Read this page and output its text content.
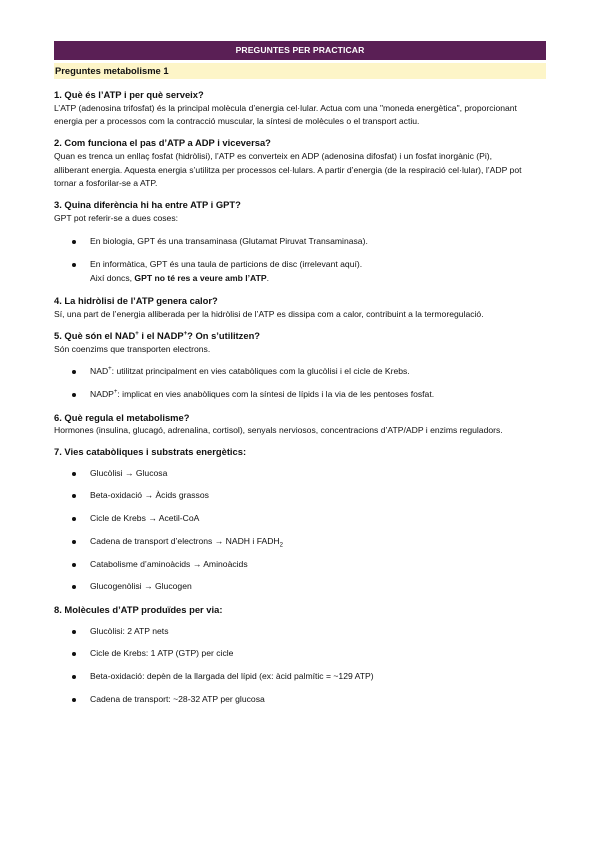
PREGUNTES PER PRACTICAR
Preguntes metabolisme 1

1. Què és l’ATP i per què serveix?

L’ATP (adenosina trifosfat) és la principal molècula d’energia cel·lular. Actua com una "moneda energètica", proporcionant energia per a processos com la contracció muscular, la síntesi de molècules o el transport actiu.

2. Com funciona el pas d’ATP a ADP i viceversa?

Quan es trenca un enllaç fosfat (hidròlisi), l’ATP es converteix en ADP (adenosina difosfat) i un fosfat inorgànic (Pi), alliberant energia. Aquesta energia s’utilitza per processos cel·lulars. A partir d’energia (de la respiració cel·lular), l’ADP pot tornar a fosforilar-se a ATP.

3. Quina diferència hi ha entre ATP i GPT?

GPT pot referir-se a dues coses:

En biologia, GPT és una transaminasa (Glutamat Piruvat Transaminasa).
En informàtica, GPT és una taula de particions de disc (irrelevant aquí).
Així doncs, GPT no té res a veure amb l’ATP.

4. La hidròlisi de l’ATP genera calor?

Sí, una part de l’energia alliberada per la hidròlisi de l’ATP es dissipa com a calor, contribuint a la termoregulació.

5. Què són el NAD+ i el NADP+? On s’utilitzen?

Són coenzims que transporten electrons.

NAD+: utilitzat principalment en vies catabòliques com la glucòlisi i el cicle de Krebs.
NADP+: implicat en vies anabòliques com la síntesi de lípids i la via de les pentoses fosfat.

6. Què regula el metabolisme?

Hormones (insulina, glucagó, adrenalina, cortisol), senyals nerviosos, concentracions d’ATP/ADP i enzims reguladors.

7. Vies catabòliques i substrats energètics:

Glucòlisi → Glucosa
Beta-oxidació → Àcids grassos
Cicle de Krebs → Acetil-CoA
Cadena de transport d’electrons → NADH i $FADH_2$
Catabolisme d’aminoàcids → Aminoàcids
Glucogenòlisi → Glucogen

8. Molècules d’ATP produïdes per via:

Glucòlisi: 2 ATP nets
Cicle de Krebs: 1 ATP (GTP) per cicle
Beta-oxidació: depèn de la llargada del lípid (ex: àcid palmític = ~129 ATP)
Cadena de transport: ~28-32 ATP per glucosa
